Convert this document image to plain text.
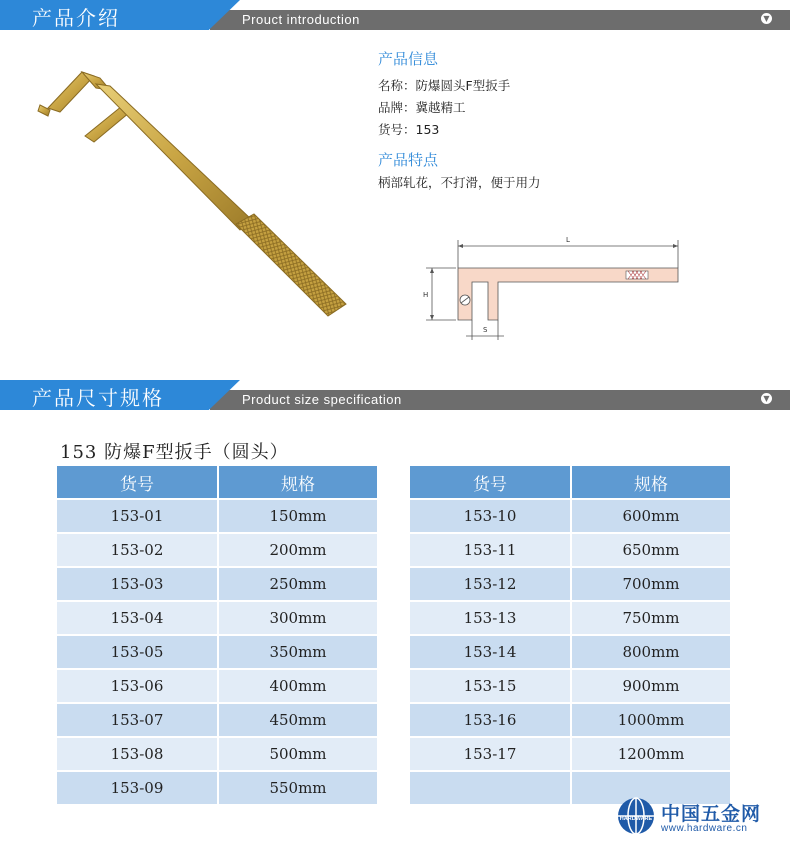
产品介绍	Prouct introduction	▼
产品信息
名称：防爆圆头F型扳手
品牌：冀越精工
货号：153
产品特点
柄部轧花，不打滑，便于用力
L
H
S
产品尺寸规格	Product size specification	▼
153 防爆F型扳手（圆头）
货号	规格
153-01	150mm
153-02	200mm
153-03	250mm
153-04	300mm
153-05	350mm
153-06	400mm
153-07	450mm
153-08	500mm
153-09	550mm
货号	规格
153-10	600mm
153-11	650mm
153-12	700mm
153-13	750mm
153-14	800mm
153-15	900mm
153-16	1000mm
153-17	1200mm

HARDWARE 中国五金网
www.hardware.cn
